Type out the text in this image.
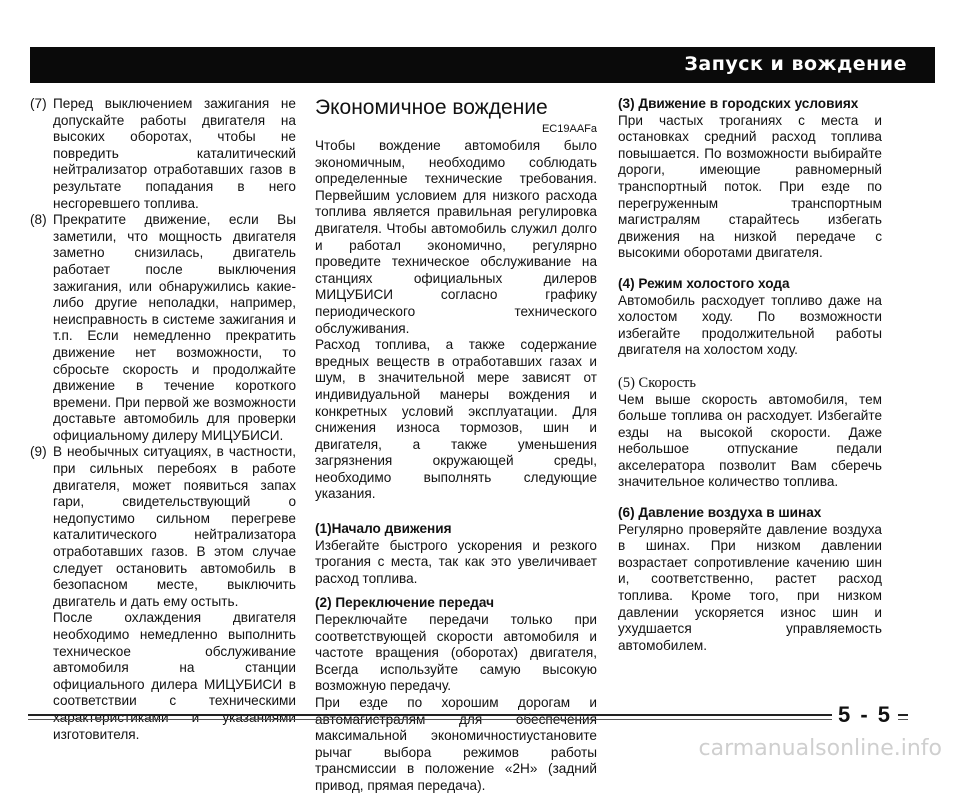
Запуск и вождение
(7) Перед выключением зажигания не допускайте работы двигателя на высоких оборотах, чтобы не повредить каталитический нейтрализатор отработавших газов в результате попадания в него несгоревшего топлива.
(8) Прекратите движение, если Вы заметили, что мощность двигателя заметно снизилась, двигатель работает после выключения зажигания, или обнаружились какие-либо другие неполадки, например, неисправность в системе зажигания и т.п. Если немедленно прекратить движение нет возможности, то сбросьте скорость и продолжайте движение в течение короткого времени. При первой же возможности доставьте автомобиль для проверки официальному дилеру МИЦУБИСИ.
(9) В необычных ситуациях, в частности, при сильных перебоях в работе двигателя, может появиться запах гари, свидетельствующий о недопустимо сильном перегреве каталитического нейтрализатора отработавших газов. В этом случае следует остановить автомобиль в безопасном месте, выключить двигатель и дать ему остыть.
После охлаждения двигателя необходимо немедленно выполнить техническое обслуживание автомобиля на станции официального дилера МИЦУБИСИ в соответствии с техническими характеристиками и указаниями изготовителя.
Экономичное вождение
EC19AAFa

Чтобы вождение автомобиля было экономичным, необходимо соблюдать определенные технические требования. Первейшим условием для низкого расхода топлива является правильная регулировка двигателя. Чтобы автомобиль служил долго и работал экономично, регулярно проведите техническое обслуживание на станциях официальных дилеров МИЦУБИСИ согласно графику периодического технического обслуживания.

Расход топлива, а также содержание вредных веществ в отработавших газах и шум, в значительной мере зависят от индивидуальной манеры вождения и конкретных условий эксплуатации. Для снижения износа тормозов, шин и двигателя, а также уменьшения загрязнения окружающей среды, необходимо выполнять следующие указания.

(1)Начало движения

Избегайте быстрого ускорения и резкого трогания с места, так как это увеличивает расход топлива.

(2) Переключение передач

Переключайте передачи только при соответствующей скорости автомобиля и частоте вращения (оборотах) двигателя, Всегда используйте самую высокую возможную передачу.

При езде по хорошим дорогам и автомагистралям для обеспечения максимальной экономичностиустановите рычаг выбора режимов работы трансмиссии в положение «2H» (задний привод, прямая передача).

(3) Движение в городских условиях

При частых троганиях с места и остановках средний расход топлива повышается. По возможности выбирайте дороги, имеющие равномерный транспортный поток. При езде по перегруженным транспортным магистралям старайтесь избегать движения на низкой передаче с высокими оборотами двигателя.

(4) Режим холостого хода

Автомобиль расходует топливо даже на холостом ходу. По возможности избегайте продолжительной работы двигателя на холостом ходу.

(5) Скорость

Чем выше скорость автомобиля, тем больше топлива он расходует. Избегайте езды на высокой скорости. Даже небольшое отпускание педали акселератора позволит Вам сберечь значительное количество топлива.

(6) Давление воздуха в шинах

Регулярно проверяйте давление воздуха в шинах. При низком давлении возрастает сопротивление качению шин и, соответственно, растет расход топлива. Кроме того, при низком давлении ускоряется износ шин и ухудшается управляемость автомобилем.

5 - 5
carmanualsonline.info
